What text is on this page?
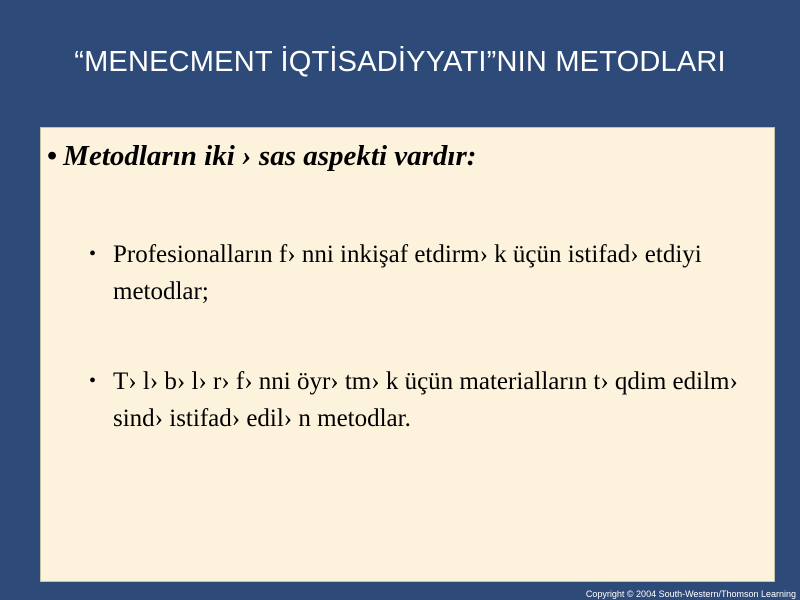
“MENECMENT İQTİSADİYYATI”NIN METODLARI
• Metodların iki › sas aspekti vardır:
• Profesionalların f› nni inkişaf etdirm› k üçün istifad› etdiyi metodlar;
• T› l› b› l› r› f› nni öyr› tm› k üçün materialların t› qdim edilm› sind› istifad› edil› n metodlar.
Copyright © 2004 South-Western/Thomson Learning
